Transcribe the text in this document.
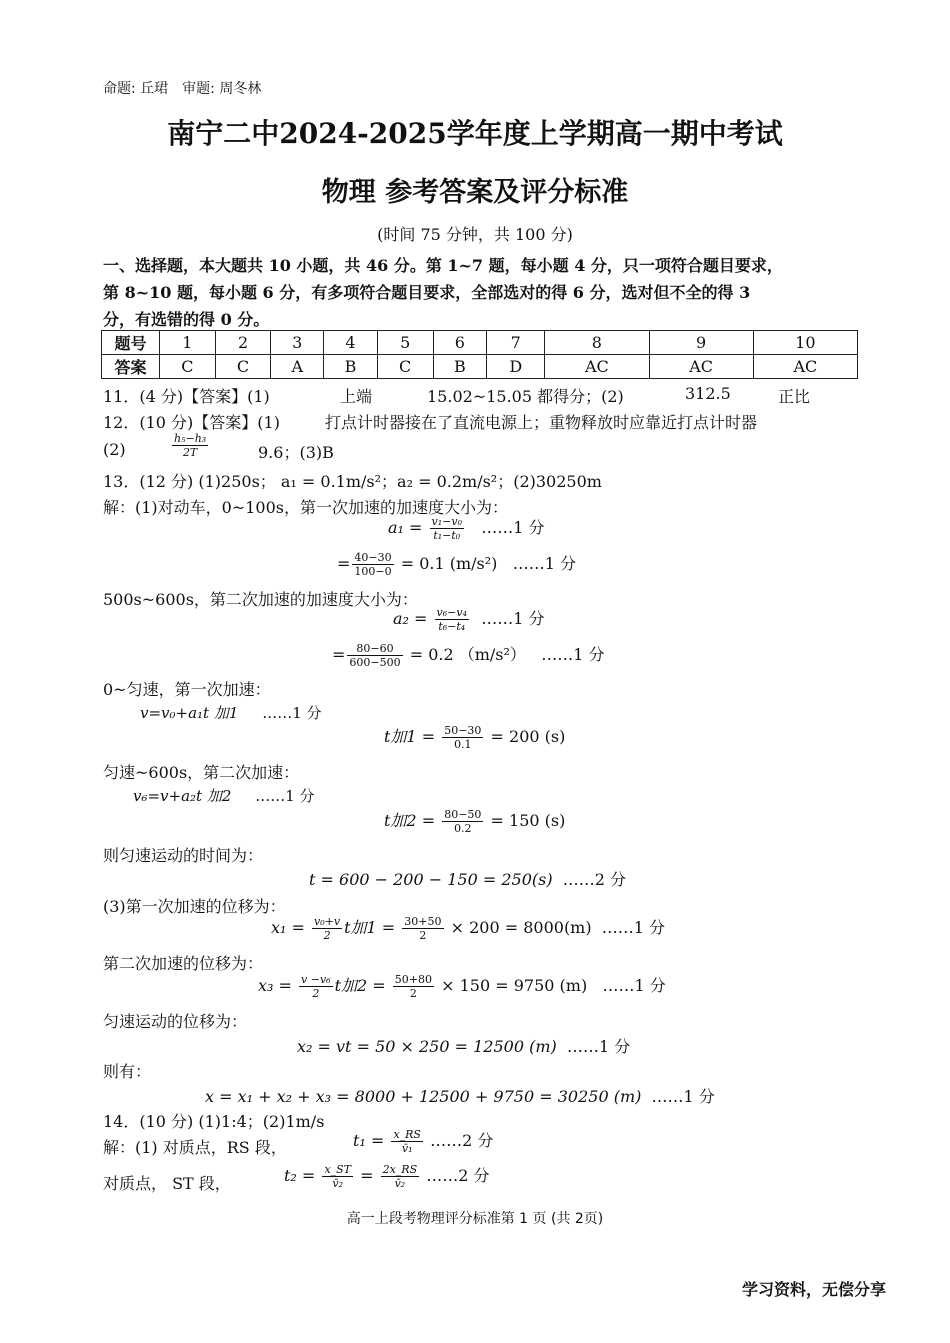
命题: 丘珺　审题: 周冬林
南宁二中2024-2025学年度上学期高一期中考试
物理 参考答案及评分标准
(时间 75 分钟，共 100 分)
一、选择题，本大题共 10 小题，共 46 分。第 1~7 题，每小题 4 分，只一项符合题目要求，
第 8~10 题，每小题 6 分，有多项符合题目要求，全部选对的得 6 分，选对但不全的得 3
分，有选错的得 0 分。
题号	1	2	3	4	5	6	7	8	9	10
答案	C	C	A	B	C	B	D	AC	AC	AC
11．(4 分)【答案】(1)	上端	15.02~15.05 都得分；(2)	312.5	正比
12．(10 分)【答案】(1)	打点计时器接在了直流电源上；重物释放时应靠近打点计时器
(2)	$\frac{\text{h₅−h₃}}{2T}$	9.6；(3)B
13．(12 分) (1)250s； a₁ = 0.1m/s²；a₂ = 0.2m/s²；(2)30250m
解：(1)对动车，0~100s，第一次加速的加速度大小为：
$a_1 = \frac{\text{v₁−v₀}}{\text{t₁−t₀}}$ ……1 分
= $\frac{40-30}{100-0} = 0.1$ (m/s²) ……1 分
500s~600s，第二次加速的加速度大小为：
$a_2 = \frac{\text{v₆−v₄}}{\text{t₆−t₄}}$ ……1 分
= $\frac{80-60}{600-500} = 0.2$ （m/s²） ……1 分
0~匀速，第一次加速：
v=v₀+a₁t 加1 ……1 分
t加$1 = \frac{50-30}{0.1} = 200$ (s)
匀速~600s，第二次加速：
v₆=v+a₂t 加2 ……1 分
t加$2 = \frac{80-50}{0.2} = 150$ (s)
则匀速运动的时间为：
t = 600 − 200 − 150 = 250(s) ……2 分
(3)第一次加速的位移为：
$x_1 = \frac{\text{v₀+v}}{2}$ t加$1 = \frac{30+50}{2} \times 200 = 8000(m)$ ……1 分
第二次加速的位移为：
$x_3 = \frac{\text{v −v₆}}{2}$ t加$2 = \frac{50+80}{2} \times 150 = 9750$ (m) ……1 分
匀速运动的位移为：
x₂ = vt = 50 × 250 = 12500 (m) ……1 分
则有：
x = x₁ + x₂ + x₃ = 8000 + 12500 + 9750 = 30250 (m) ……1 分
14．(10 分) (1)1:4；(2)1m/s
解：(1) 对质点，RS 段，	$t_1 = \frac{x\_RS}{\text{v̄₁}}$ ……2 分
对质点， ST 段，	$t_2 = \frac{x\_ST}{\text{v̄₂}} = \frac{2x\_RS}{\text{v̄₂}}$ ……2 分
高一上段考物理评分标准第 1 页 (共 2页)
学习资料，无偿分享
